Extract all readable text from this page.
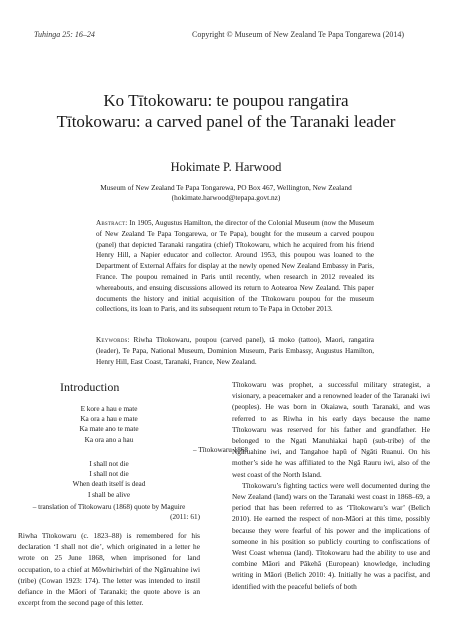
Tuhinga 25: 16–24	Copyright © Museum of New Zealand Te Papa Tongarewa (2014)
Ko Tītokowaru: te poupou rangatira
Tītokowaru: a carved panel of the Taranaki leader
Hokimate P. Harwood
Museum of New Zealand Te Papa Tongarewa, PO Box 467, Wellington, New Zealand
(hokimate.harwood@tepapa.govt.nz)
Abstract: In 1905, Augustus Hamilton, the director of the Colonial Museum (now the Museum of New Zealand Te Papa Tongarewa, or Te Papa), bought for the museum a carved poupou (panel) that depicted Taranaki rangatira (chief) Tītokowaru, which he acquired from his friend Henry Hill, a Napier educator and collector. Around 1953, this poupou was loaned to the Department of External Affairs for display at the newly opened New Zealand Embassy in Paris, France. The poupou remained in Paris until recently, when research in 2012 revealed its whereabouts, and ensuing discussions allowed its return to Aotearoa New Zealand. This paper documents the history and initial acquisition of the Tītokowaru poupou for the museum collections, its loan to Paris, and its subsequent return to Te Papa in October 2013.
Keywords: Riwha Tītokowaru, poupou (carved panel), tā moko (tattoo), Maori, rangatira (leader), Te Papa, National Museum, Dominion Museum, Paris Embassy, Augustus Hamilton, Henry Hill, East Coast, Taranaki, France, New Zealand.
Introduction
E kore a hau e mate
Ka ora a hau e mate
Ka mate ano te mate
Ka ora ano a hau
– Tītokowaru 1868
I shall not die
I shall not die
When death itself is dead
I shall be alive
– translation of Tītokowaru (1868) quote by Maguire
(2011: 61)

Riwha Tītokowaru (c. 1823–88) is remembered for his declaration ‘I shall not die’, which originated in a letter he wrote on 25 June 1868, when imprisoned for land occupation, to a chief at Mōwhiriwhiri of the Ngāruahine iwi (tribe) (Cowan 1923: 174). The letter was intended to instil defiance in the Māori of Taranaki; the quote above is an excerpt from the second page of this letter.

Tītokowaru was prophet, a successful military strategist, a visionary, a peacemaker and a renowned leader of the Taranaki iwi (peoples). He was born in Okaiawa, south Taranaki, and was referred to as Riwha in his early days because the name Tītokowaru was reserved for his father and grandfather. He belonged to the Ngati Manuhiakai hapū (sub-tribe) of the Ngāruahine iwi, and Tangahoe hapū of Ngāti Ruanui. On his mother’s side he was affiliated to the Ngā Rauru iwi, also of the west coast of the North Island.

Tītokowaru’s fighting tactics were well documented during the New Zealand (land) wars on the Taranaki west coast in 1868–69, a period that has been referred to as ‘Tītokowaru’s war’ (Belich 2010). He earned the respect of non-Māori at this time, possibly because they were fearful of his power and the implications of someone in his position so publicly courting to confiscations of West Coast whenua (land). Tītokowaru had the ability to use and combine Māori and Pākehā (European) knowledge, including writing in Māori (Belich 2010: 4). Initially he was a pacifist, and identified with the peaceful beliefs of both
